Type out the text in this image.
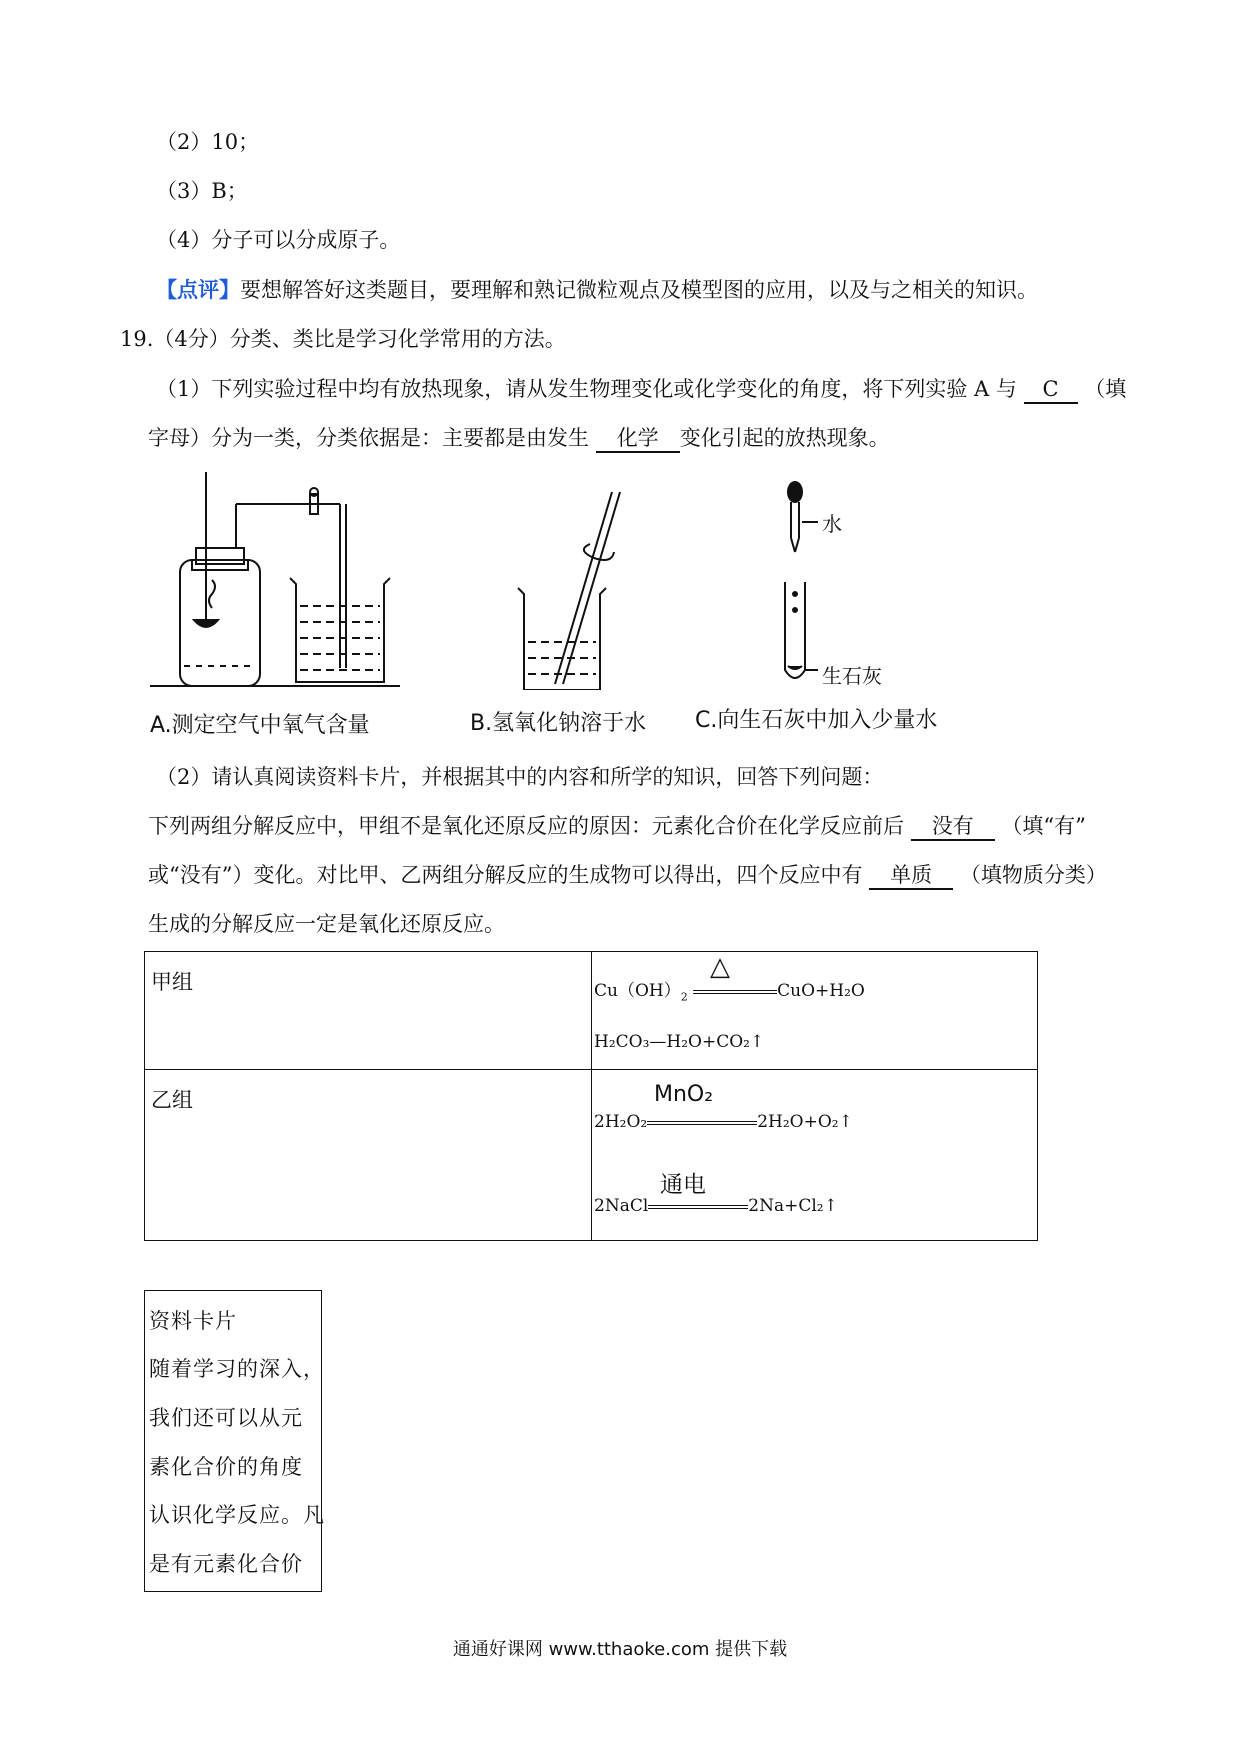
（2）10；
（3）B；
（4）分子可以分成原子。
【点评】要想解答好这类题目，要理解和熟记微粒观点及模型图的应用，以及与之相关的知识。
19.（4分）分类、类比是学习化学常用的方法。
（1）下列实验过程中均有放热现象，请从发生物理变化或化学变化的角度，将下列实验 A 与 C （填
字母）分为一类，分类依据是：主要都是由发生 化学 变化引起的放热现象。
水
生石灰
A.测定空气中氧气含量	B.氢氧化钠溶于水 C.向生石灰中加入少量水
（2）请认真阅读资料卡片，并根据其中的内容和所学的知识，回答下列问题：
下列两组分解反应中，甲组不是氧化还原反应的原因：元素化合价在化学反应前后 没有 （填“有”
或“没有”）变化。对比甲、乙两组分解反应的生成物可以得出，四个反应中有 单质 （填物质分类）
生成的分解反应一定是氧化还原反应。
甲组	$Cu(OH)_2$ CuO+H₂O
△
H₂CO₃—H₂O+CO₂↑

乙组	MnO₂
2H₂O₂ 2H₂O+O₂↑
通电
2NaCl 2Na+Cl₂↑
资料卡片
随着学习的深入，
我们还可以从元
素化合价的角度
认识化学反应。凡
是有元素化合价
通通好课网 www.tthaoke.com 提供下载
